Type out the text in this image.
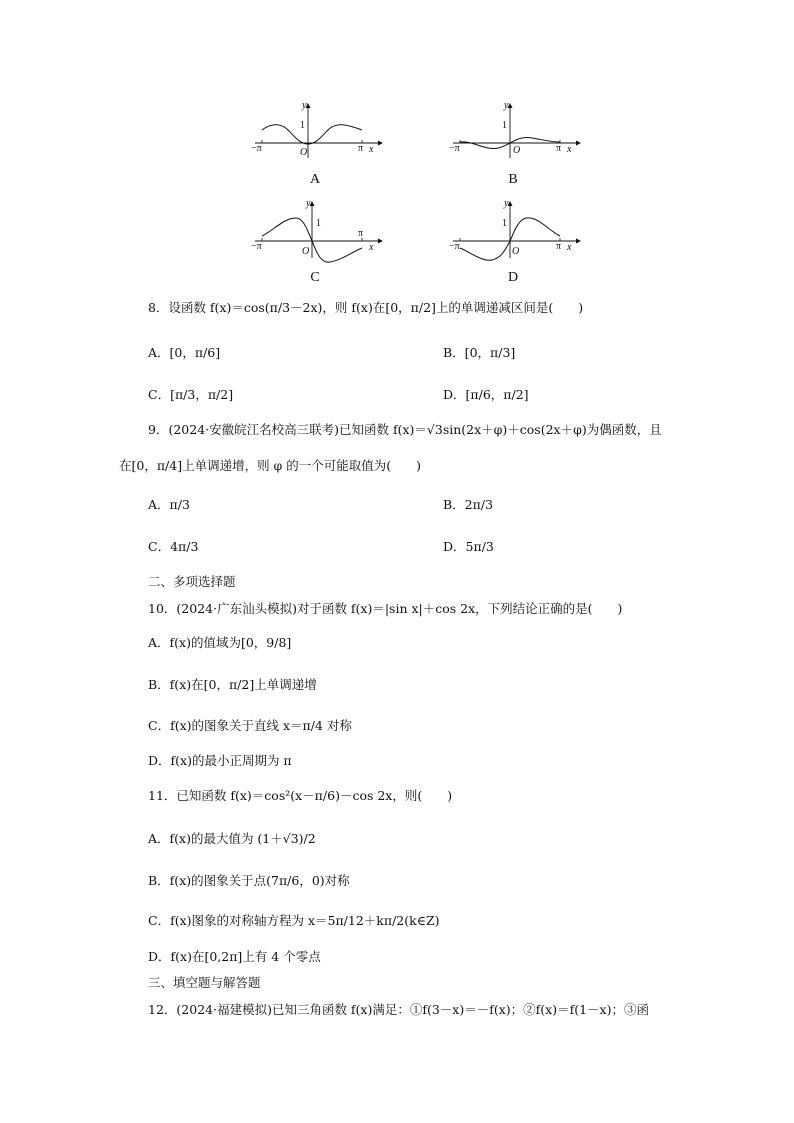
y
x
O
1
−π	π
A
y
x
O
1
−π	π
B
y
x
O
1
−π
π
C
y
x
O
1
−π	π
D
8．设函数 f(x)＝cos(π/3－2x)，则 f(x)在[0，π/2]上的单调递减区间是(　　)
A．[0，π/6]	B．[0，π/3]
C．[π/3，π/2]	D．[π/6，π/2]
9．(2024·安徽皖江名校高三联考)已知函数 f(x)＝√3sin(2x＋φ)＋cos(2x＋φ)为偶函数，且
在[0，π/4]上单调递增，则 φ 的一个可能取值为(　　)
A．π/3	B．2π/3
C．4π/3	D．5π/3
二、多项选择题
10．(2024·广东汕头模拟)对于函数 f(x)＝|sin x|＋cos 2x，下列结论正确的是(　　)
A．f(x)的值域为[0，9/8]
B．f(x)在[0，π/2]上单调递增
C．f(x)的图象关于直线 x＝π/4 对称
D．f(x)的最小正周期为 π
11．已知函数 f(x)＝cos²(x－π/6)－cos 2x，则(　　)
A．f(x)的最大值为 (1＋√3)/2
B．f(x)的图象关于点(7π/6，0)对称
C．f(x)图象的对称轴方程为 x＝5π/12＋kπ/2(k∈Z)
D．f(x)在[0,2π]上有 4 个零点
三、填空题与解答题
12．(2024·福建模拟)已知三角函数 f(x)满足：①f(3－x)＝－f(x)；②f(x)＝f(1－x)；③函
